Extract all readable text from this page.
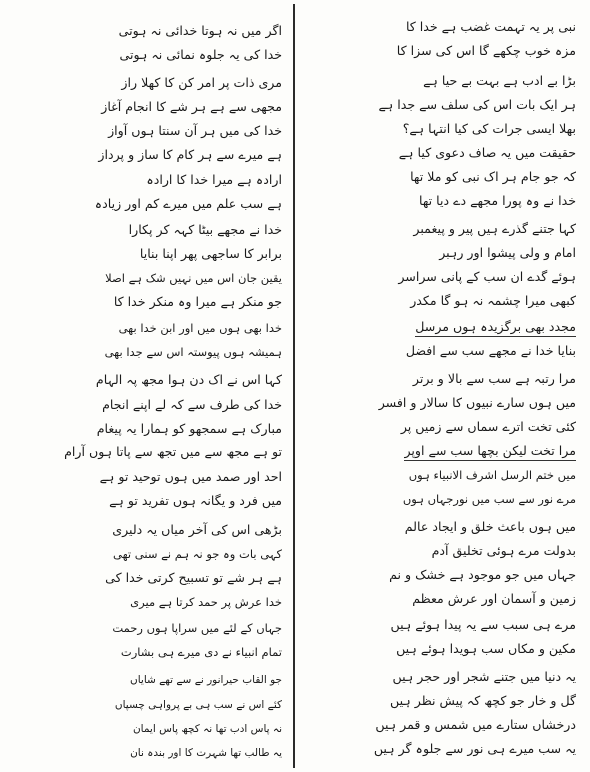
اگر میں نہ ہوتا خدائی نہ ہوتی
خدا کی یہ جلوہ نمائی نہ ہوتی
مری ذات پر امر کن کا کھلا راز
مجھی سے ہے ہر شے کا انجام آغاز
خدا کی میں ہر آن سنتا ہوں آواز
ہے میرے سے ہر کام کا ساز و پرداز
ارادہ ہے میرا خدا کا ارادہ
ہے سب علم میں میرے کم اور زیادہ
خدا نے مجھے بیٹا کہہ کر پکارا
برابر کا ساجھی پھر اپنا بنایا
یقین جان اس میں نہیں شک ہے اصلا
جو منکر ہے میرا وہ منکر خدا کا
خدا بھی ہوں میں اور ابن خدا بھی
ہمیشہ ہوں پیوستہ اس سے جدا بھی
کہا اس نے اک دن ہوا مجھ پہ الہام
خدا کی طرف سے کہ لے اپنے انجام
مبارک ہے سمجھو کو ہمارا یہ پیغام
تو ہے مجھ سے میں تجھ سے پاتا ہوں آرام
احد اور صمد میں ہوں توحید تو ہے
میں فرد و یگانہ ہوں تفرید تو ہے
بڑھی اس کی آخر میاں یہ دلیری
کہی بات وہ جو نہ ہم نے سنی تھی
ہے ہر شے تو تسبیح کرتی خدا کی
خدا عرش پر حمد کرتا ہے میری
جہاں کے لئے میں سراپا ہوں رحمت
تمام انبیاء نے دی میرے ہی بشارت
جو القاب حیرانور نے سے تھے شایاں
کئے اس نے سب ہی بے پرواہی چسپاں
نہ پاس ادب تھا نہ کچھ پاس ایمان
یہ طالب تھا شہرت کا اور بندہ نان
نبی پر یہ تہمت غضب ہے خدا کا
مزہ خوب چکھے گا اس کی سزا کا
بڑا بے ادب ہے بہت بے حیا ہے
ہر ایک بات اس کی سلف سے جدا ہے
بھلا ایسی جرات کی کیا انتہا ہے؟
حقیقت میں یہ صاف دعوی کیا ہے
کہ جو جام ہر اک نبی کو ملا تھا
خدا نے وہ پورا مجھے دے دیا تھا
کہا جتنے گذرے ہیں پیر و پیغمبر
امام و ولی پیشوا اور رہبر
ہوئے گدے ان سب کے پانی سراسر
کبھی میرا چشمہ نہ ہو گا مکدر
مجدد بھی برگزیدہ ہوں مرسل
بنایا خدا نے مجھے سب سے افضل
مرا رتبہ ہے سب سے بالا و برتر
میں ہوں سارے نبیوں کا سالار و افسر
کئی تخت اترے سماں سے زمیں پر
مرا تخت لیکن بچھا سب سے اوپر
میں ختم الرسل اشرف الانبیاء ہوں
مرے نور سے سب میں نورجہاں ہوں
میں ہوں باعث خلق و ایجاد عالم
بدولت مرے ہوئی تخلیق آدم
جہاں میں جو موجود ہے خشک و نم
زمین و آسمان اور عرش معظم
مرے ہی سبب سے یہ پیدا ہوئے ہیں
مکین و مکاں سب ہویدا ہوئے ہیں
یہ دنیا میں جتنے شجر اور حجر ہیں
گل و خار جو کچھ کہ پیش نظر ہیں
درخشاں ستارے میں شمس و قمر ہیں
یہ سب میرے ہی نور سے جلوہ گر ہیں
